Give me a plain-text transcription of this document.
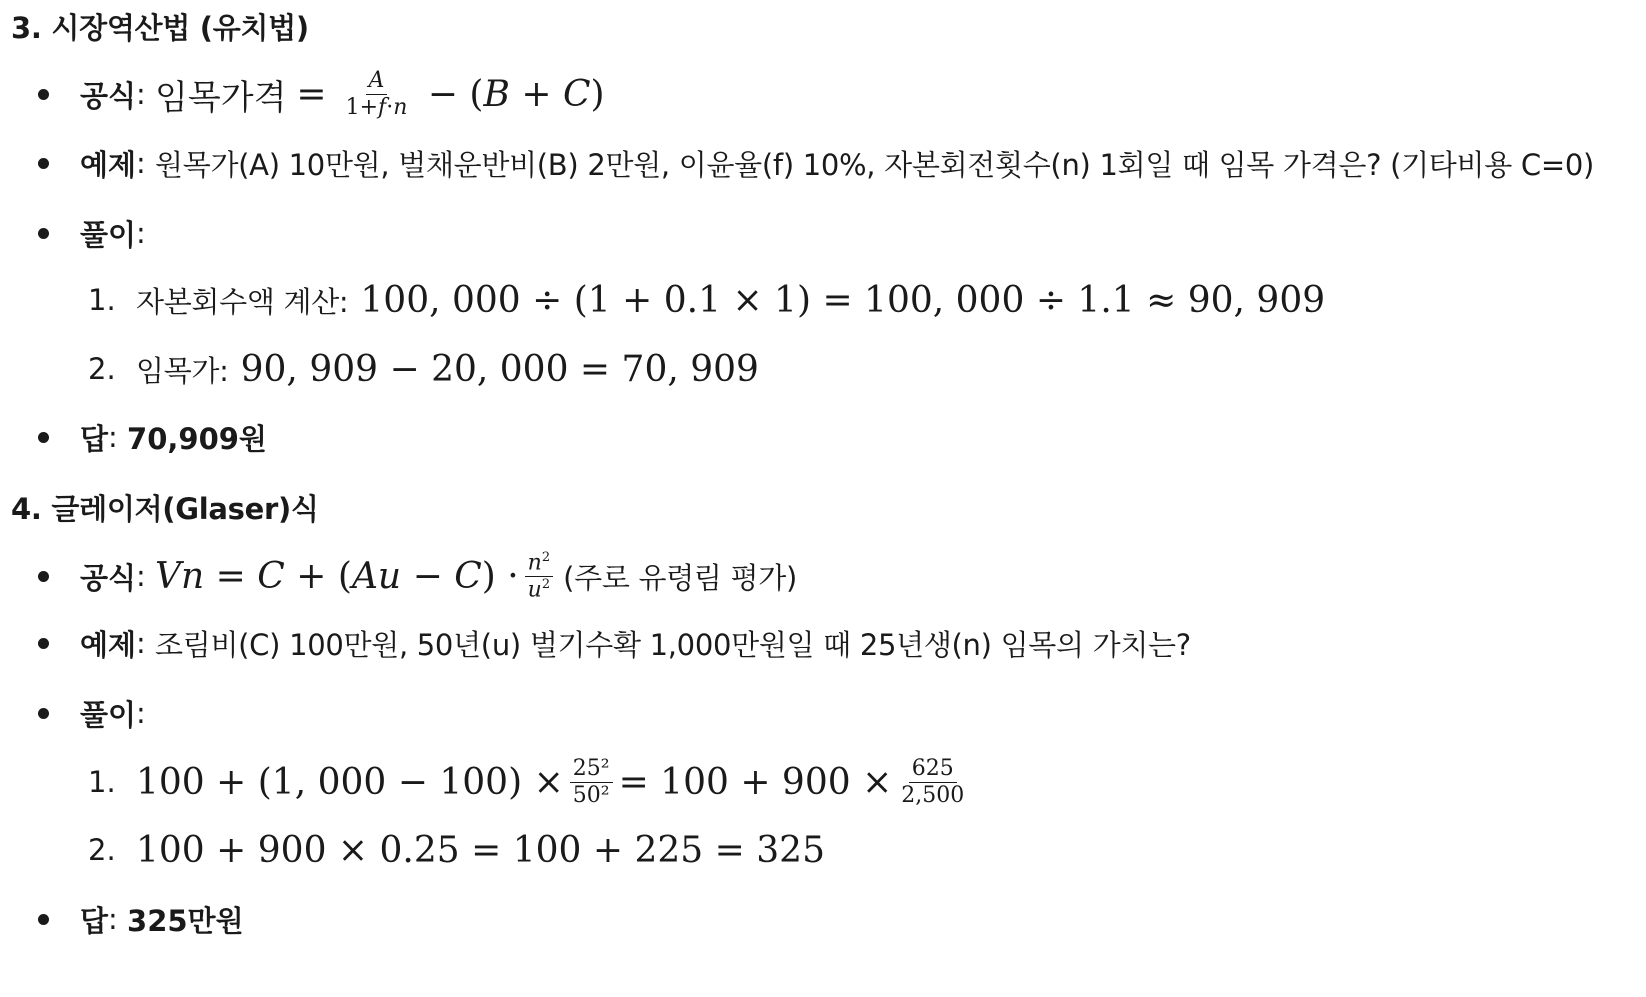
3. 시장역산법 (유치법)
공식 : 임목가격 = $\frac{A}{1+f\cdot n} - (B + C)$
예제 : 원목가(A) 10만원, 벌채운반비(B) 2만원, 이윤율(f) 10%, 자본회전횟수(n) 1회일 때 임목 가격은? (기타비용 C=0)
풀이 :
1. 자본회수액 계산: 100, 000 ÷ (1 + 0.1 × 1) = 100, 000 ÷ 1.1 ≈ 90, 909
2. 임목가: 90, 909 − 20, 000 = 70, 909
답 : 70,909원
4. 글레이저(Glaser)식
공식 : $Vn = C + (Au - C) \cdot \frac{n^2}{u^2}$ (주로 유령림 평가)
예제 : 조림비(C) 100만원, 50년(u) 벌기수확 1,000만원일 때 25년생(n) 임목의 가치는?
풀이 :
1. 100 + (1, $000 - 100) \times \frac{\text{25²}}{\text{50²}} = 100 + 900 \times \frac{625}{2,500}$
2. 100 + 900 × 0.25 = 100 + 225 = 325
답 : 325만원
